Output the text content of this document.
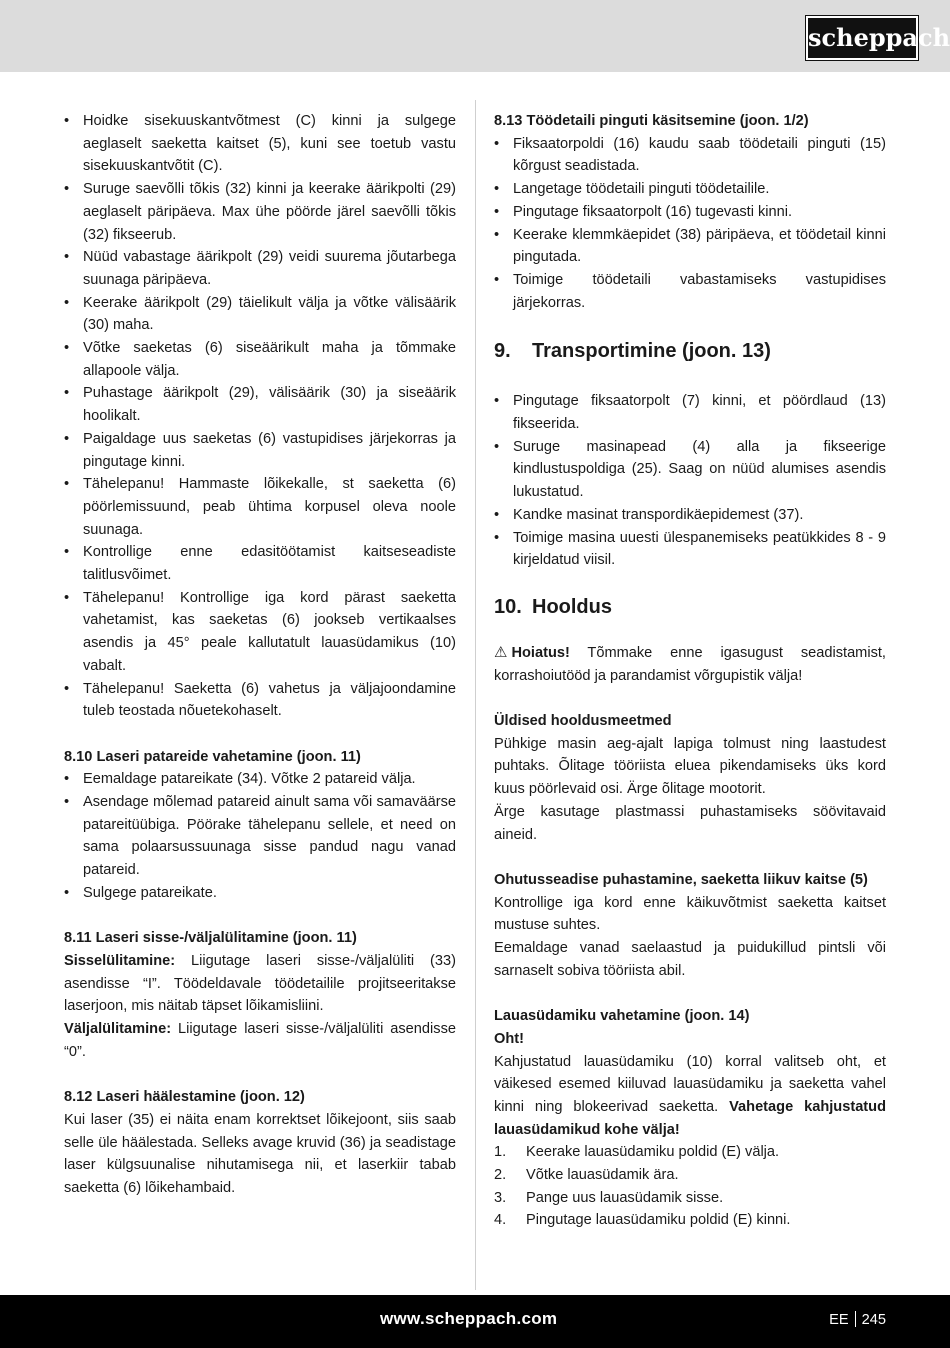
scheppach
• Hoidke sisekuuskantvõtmest (C) kinni ja sulgege aeglaselt saeketta kaitset (5), kuni see toetub vastu sisekuuskantvõtit (C).
• Suruge saevõlli tõkis (32) kinni ja keerake äärikpolti (29) aeglaselt päripäeva. Max ühe pöörde järel saevõlli tõkis (32) fikseerub.
• Nüüd vabastage äärikpolt (29) veidi suurema jõutarbega suunaga päripäeva.
• Keerake äärikpolt (29) täielikult välja ja võtke välisäärik (30) maha.
• Võtke saeketas (6) siseäärikult maha ja tõmmake allapoole välja.
• Puhastage äärikpolt (29), välisäärik (30) ja siseäärik hoolikalt.
• Paigaldage uus saeketas (6) vastupidises järjekorras ja pingutage kinni.
• Tähelepanu! Hammaste lõikekalle, st saeketta (6) pöörlemissuund, peab ühtima korpusel oleva noole suunaga.
• Kontrollige enne edasitöötamist kaitseseadiste talitlusvõimet.
• Tähelepanu! Kontrollige iga kord pärast saeketta vahetamist, kas saeketas (6) jookseb vertikaalses asendis ja 45° peale kallutatult lauasüdamikus (10) vabalt.
• Tähelepanu! Saeketta (6) vahetus ja väljajoondamine tuleb teostada nõuetekohaselt.
8.10 Laseri patareide vahetamine (joon. 11)
• Eemaldage patareikate (34). Võtke 2 patareid välja.
• Asendage mõlemad patareid ainult sama või samaväärse patareitüübiga. Pöörake tähelepanu sellele, et need on sama polaarsussuunaga sisse pandud nagu vanad patareid.
• Sulgege patareikate.
8.11 Laseri sisse-/väljalülitamine (joon. 11)

Sisselülitamine: Liigutage laseri sisse-/väljalüliti (33) asendisse “I”. Töödeldavale töödetailile projitseeritakse laserjoon, mis näitab täpset lõikamisliini.

Väljalülitamine: Liigutage laseri sisse-/väljalüliti asendisse “0”.

8.12 Laseri häälestamine (joon. 12)

Kui laser (35) ei näita enam korrektset lõikejoont, siis saab selle üle häälestada. Selleks avage kruvid (36) ja seadistage laser külgsuunalise nihutamisega nii, et laserkiir tabab saeketta (6) lõikehambaid.

8.13 Töödetaili pinguti käsitsemine (joon. 1/2)
• Fiksaatorpoldi (16) kaudu saab töödetaili pinguti (15) kõrgust seadistada.
• Langetage töödetaili pinguti töödetailile.
• Pingutage fiksaatorpolt (16) tugevasti kinni.
• Keerake klemmkäepidet (38) päripäeva, et töödetail kinni pingutada.
• Toimige töödetaili vabastamiseks vastupidises järjekorras.
9. Transportimine (joon. 13)
• Pingutage fiksaatorpolt (7) kinni, et pöördlaud (13) fikseerida.
• Suruge masinapead (4) alla ja fikseerige kindlustuspoldiga (25). Saag on nüüd alumises asendis lukustatud.
• Kandke masinat transpordikäepidemest (37).
• Toimige masina uuesti ülespanemiseks peatükkides 8 - 9 kirjeldatud viisil.
10. Hooldus

⚠ Hoiatus! Tõmmake enne igasugust seadistamist, korrashoiutööd ja parandamist võrgupistik välja!

Üldised hooldusmeetmed

Pühkige masin aeg-ajalt lapiga tolmust ning laastudest puhtaks. Õlitage tööriista eluea pikendamiseks üks kord kuus pöörlevaid osi. Ärge õlitage mootorit.

Ärge kasutage plastmassi puhastamiseks söövitavaid aineid.

Ohutusseadise puhastamine, saeketta liikuv kaitse (5)

Kontrollige iga kord enne käikuvõtmist saeketta kaitset mustuse suhtes.

Eemaldage vanad saelaastud ja puidukillud pintsli või sarnaselt sobiva tööriista abil.

Lauasüdamiku vahetamine (joon. 14)
Oht!

Kahjustatud lauasüdamiku (10) korral valitseb oht, et väikesed esemed kiiluvad lauasüdamiku ja saeketta vahel kinni ning blokeerivad saeketta. Vahetage kahjustatud lauasüdamikud kohe välja!

1. Keerake lauasüdamiku poldid (E) välja.
2. Võtke lauasüdamik ära.
3. Pange uus lauasüdamik sisse.
4. Pingutage lauasüdamiku poldid (E) kinni.
www.scheppach.com	EE 245
